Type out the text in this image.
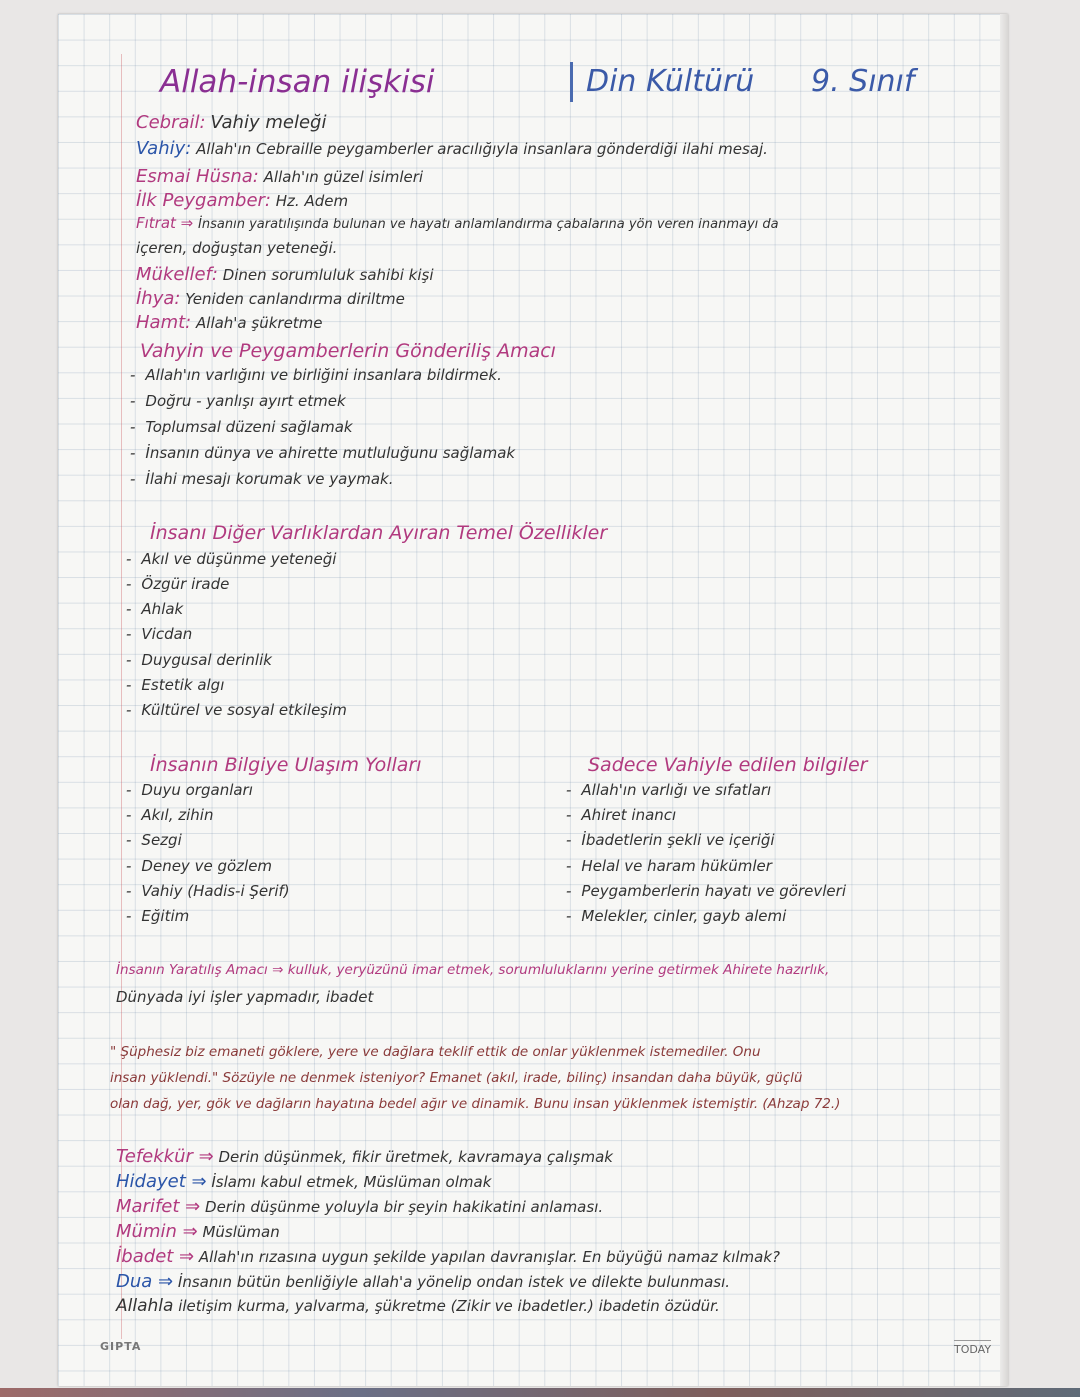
Allah-insan ilişkisi	Din Kültürü 9. Sınıf
Cebrail: Vahiy meleği
Vahiy: Allah'ın Cebraille peygamberler aracılığıyla insanlara gönderdiği ilahi mesaj.
Esmai Hüsna: Allah'ın güzel isimleri
İlk Peygamber: Hz. Adem
Fıtrat ⇒ İnsanın yaratılışında bulunan ve hayatı anlamlandırma çabalarına yön veren inanmayı da
içeren, doğuştan yeteneği.
Mükellef: Dinen sorumluluk sahibi kişi
İhya: Yeniden canlandırma diriltme
Hamt: Allah'a şükretme
Vahyin ve Peygamberlerin Gönderiliş Amacı
- Allah'ın varlığını ve birliğini insanlara bildirmek.
- Doğru - yanlışı ayırt etmek
- Toplumsal düzeni sağlamak
- İnsanın dünya ve ahirette mutluluğunu sağlamak
- İlahi mesajı korumak ve yaymak.
İnsanı Diğer Varlıklardan Ayıran Temel Özellikler
- Akıl ve düşünme yeteneği
- Özgür irade
- Ahlak
- Vicdan
- Duygusal derinlik
- Estetik algı
- Kültürel ve sosyal etkileşim
İnsanın Bilgiye Ulaşım Yolları
- Duyu organları
- Akıl, zihin
- Sezgi
- Deney ve gözlem
- Vahiy (Hadis-i Şerif)
- Eğitim
Sadece Vahiyle edilen bilgiler
- Allah'ın varlığı ve sıfatları
- Ahiret inancı
- İbadetlerin şekli ve içeriği
- Helal ve haram hükümler
- Peygamberlerin hayatı ve görevleri
- Melekler, cinler, gayb alemi
İnsanın Yaratılış Amacı ⇒ kulluk, yeryüzünü imar etmek, sorumluluklarını yerine getirmek Ahirete hazırlık,
Dünyada iyi işler yapmadır, ibadet
" Şüphesiz biz emaneti göklere, yere ve dağlara teklif ettik de onlar yüklenmek istemediler. Onu
insan yüklendi." Sözüyle ne denmek isteniyor? Emanet (akıl, irade, bilinç) insandan daha büyük, güçlü
olan dağ, yer, gök ve dağların hayatına bedel ağır ve dinamik. Bunu insan yüklenmek istemiştir. (Ahzap 72.)
Tefekkür ⇒ Derin düşünmek, fikir üretmek, kavramaya çalışmak
Hidayet ⇒ İslamı kabul etmek, Müslüman olmak
Marifet ⇒ Derin düşünme yoluyla bir şeyin hakikatini anlaması.
Mümin ⇒ Müslüman
İbadet ⇒ Allah'ın rızasına uygun şekilde yapılan davranışlar. En büyüğü namaz kılmak?
Dua ⇒ İnsanın bütün benliğiyle allah'a yönelip ondan istek ve dilekte bulunması.
Allahla iletişim kurma, yalvarma, şükretme (Zikir ve ibadetler.) ibadetin özüdür.
GIPTA	TODAY
